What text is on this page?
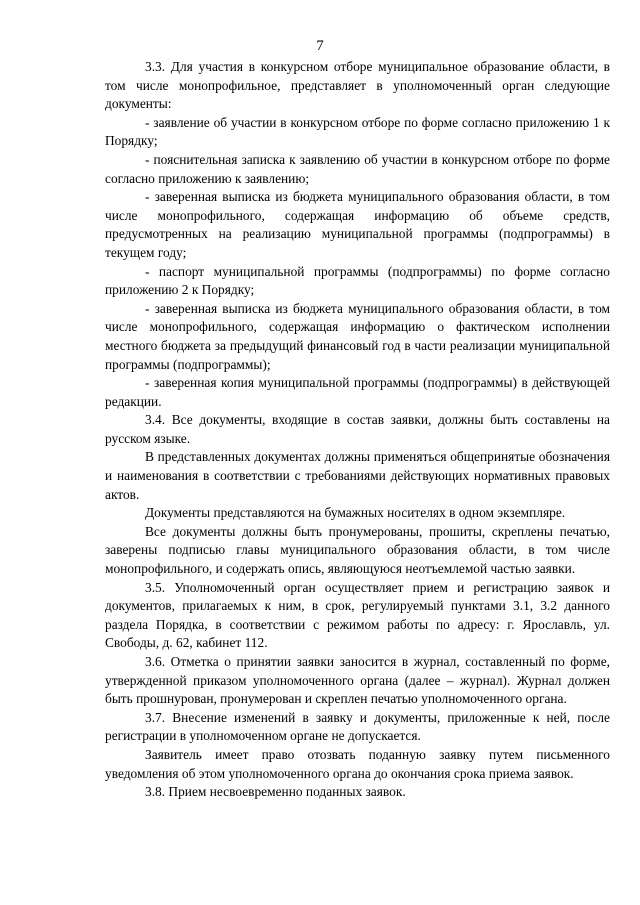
7

3.3. Для участия в конкурсном отборе муниципальное образование области, в том числе монопрофильное, представляет в уполномоченный орган следующие документы:

- заявление об участии в конкурсном отборе по форме согласно приложению 1 к Порядку;

- пояснительная записка к заявлению об участии в конкурсном отборе по форме согласно приложению к заявлению;

- заверенная выписка из бюджета муниципального образования области, в том числе монопрофильного, содержащая информацию об объеме средств, предусмотренных на реализацию муниципальной программы (подпрограммы) в текущем году;

- паспорт муниципальной программы (подпрограммы) по форме согласно приложению 2 к Порядку;

- заверенная выписка из бюджета муниципального образования области, в том числе монопрофильного, содержащая информацию о фактическом исполнении местного бюджета за предыдущий финансовый год в части реализации муниципальной программы (подпрограммы);

- заверенная копия муниципальной программы (подпрограммы) в действующей редакции.

3.4. Все документы, входящие в состав заявки, должны быть составлены на русском языке.

В представленных документах должны применяться общепринятые обозначения и наименования в соответствии с требованиями действующих нормативных правовых актов.

Документы представляются на бумажных носителях в одном экземпляре.

Все документы должны быть пронумерованы, прошиты, скреплены печатью, заверены подписью главы муниципального образования области, в том числе монопрофильного, и содержать опись, являющуюся неотъемлемой частью заявки.

3.5. Уполномоченный орган осуществляет прием и регистрацию заявок и документов, прилагаемых к ним, в срок, регулируемый пунктами 3.1, 3.2 данного раздела Порядка, в соответствии с режимом работы по адресу: г. Ярославль, ул. Свободы, д. 62, кабинет 112.

3.6. Отметка о принятии заявки заносится в журнал, составленный по форме, утвержденной приказом уполномоченного органа (далее – журнал). Журнал должен быть прошнурован, пронумерован и скреплен печатью уполномоченного органа.

3.7. Внесение изменений в заявку и документы, приложенные к ней, после регистрации в уполномоченном органе не допускается.

Заявитель имеет право отозвать поданную заявку путем письменного уведомления об этом уполномоченного органа до окончания срока приема заявок.

3.8. Прием несвоевременно поданных заявок.
